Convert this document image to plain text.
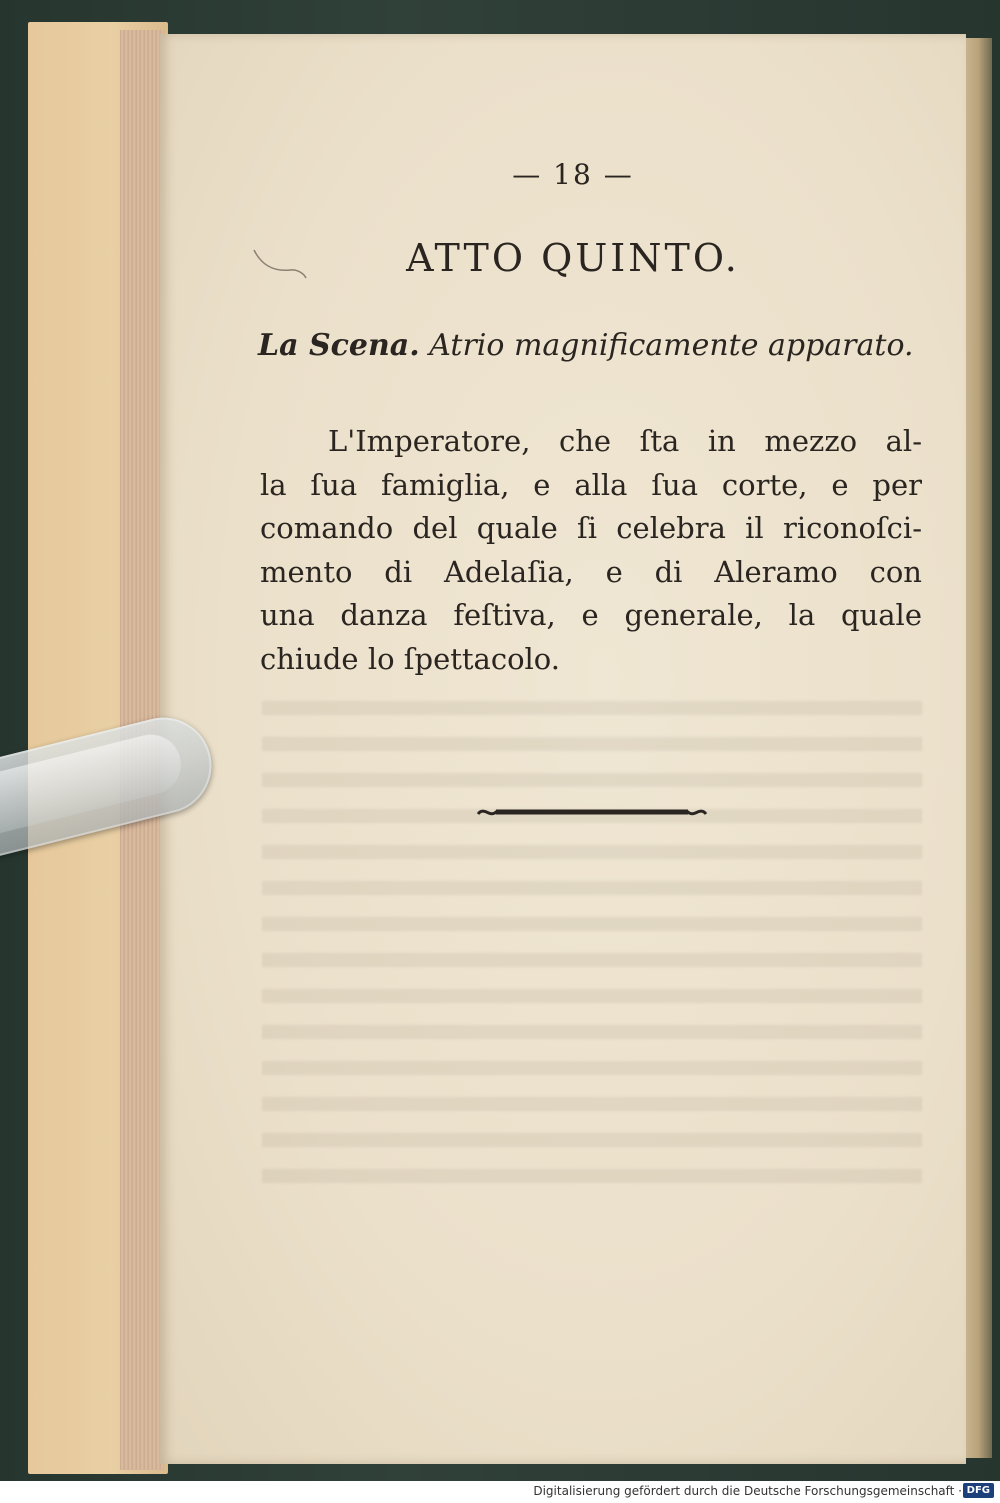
— 18 —

ATTO QUINTO.

La Scena. Atrio magnificamente apparato.

L'Imperatore, che ſta in mezzo al-
la ſua famiglia, e alla ſua corte, e per
comando del quale ſi celebra il riconoſci-
mento di Adelaſia, e di Aleramo con
una danza feſtiva, e generale, la quale
chiude lo ſpettacolo.

Digitalisierung gefördert durch die Deutsche Forschungsgemeinschaft · DFG
